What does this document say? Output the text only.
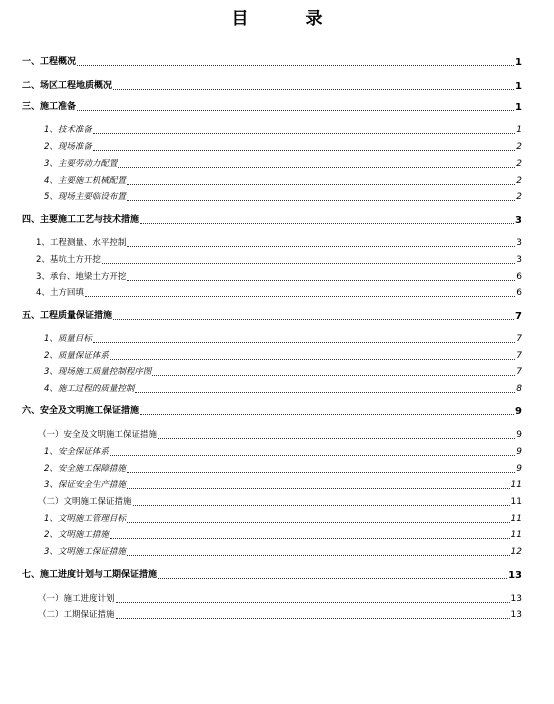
目　录
一、工程概况	1
二、场区工程地质概况	1
三、施工准备	1
1、技术准备	1
2、现场准备	2
3、主要劳动力配置	2
4、主要施工机械配置	2
5、现场主要临设布置	2
四、主要施工工艺与技术措施	3
1、工程测量、水平控制	3
2、基坑土方开挖	3
3、承台、地梁土方开挖	6
4、土方回填	6
五、工程质量保证措施	7
1、质量目标	7
2、质量保证体系	7
3、现场施工质量控制程序图	7
4、施工过程的质量控制	8
六、安全及文明施工保证措施	9
（一）安全及文明施工保证措施	9
1、安全保证体系	9
2、安全施工保障措施	9
3、保证安全生产措施	11
（二）文明施工保证措施	11
1、文明施工管理目标	11
2、文明施工措施	11
3、文明施工保证措施	12
七、施工进度计划与工期保证措施	13
（一）施工进度计划	13
（二）工期保证措施	13
